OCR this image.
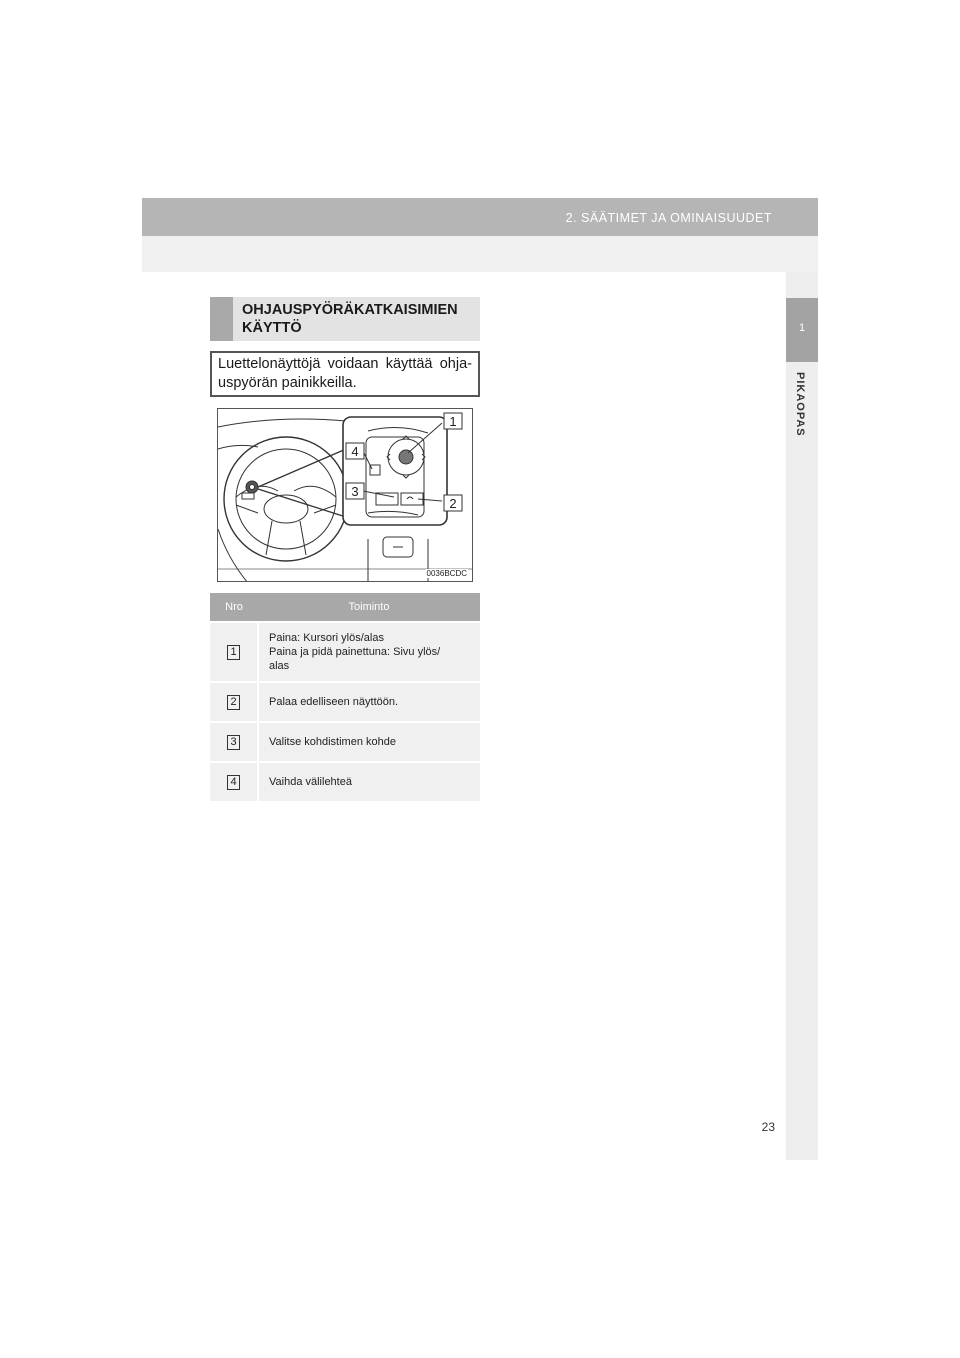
2. SÄÄTIMET JA OMINAISUUDET
1
PIKAOPAS
OHJAUSPYÖRÄKATKAISIMIEN KÄYTTÖ
Luettelonäyttöjä voidaan käyttää ohja-uspyörän painikkeilla.
1
4
3
2
0036BCDC
Nro	Toiminto
1	Paina: Kursori ylös/alas
Paina ja pidä painettuna: Sivu ylös/
alas
2	Palaa edelliseen näyttöön.
3	Valitse kohdistimen kohde
4	Vaihda välilehteä
23
